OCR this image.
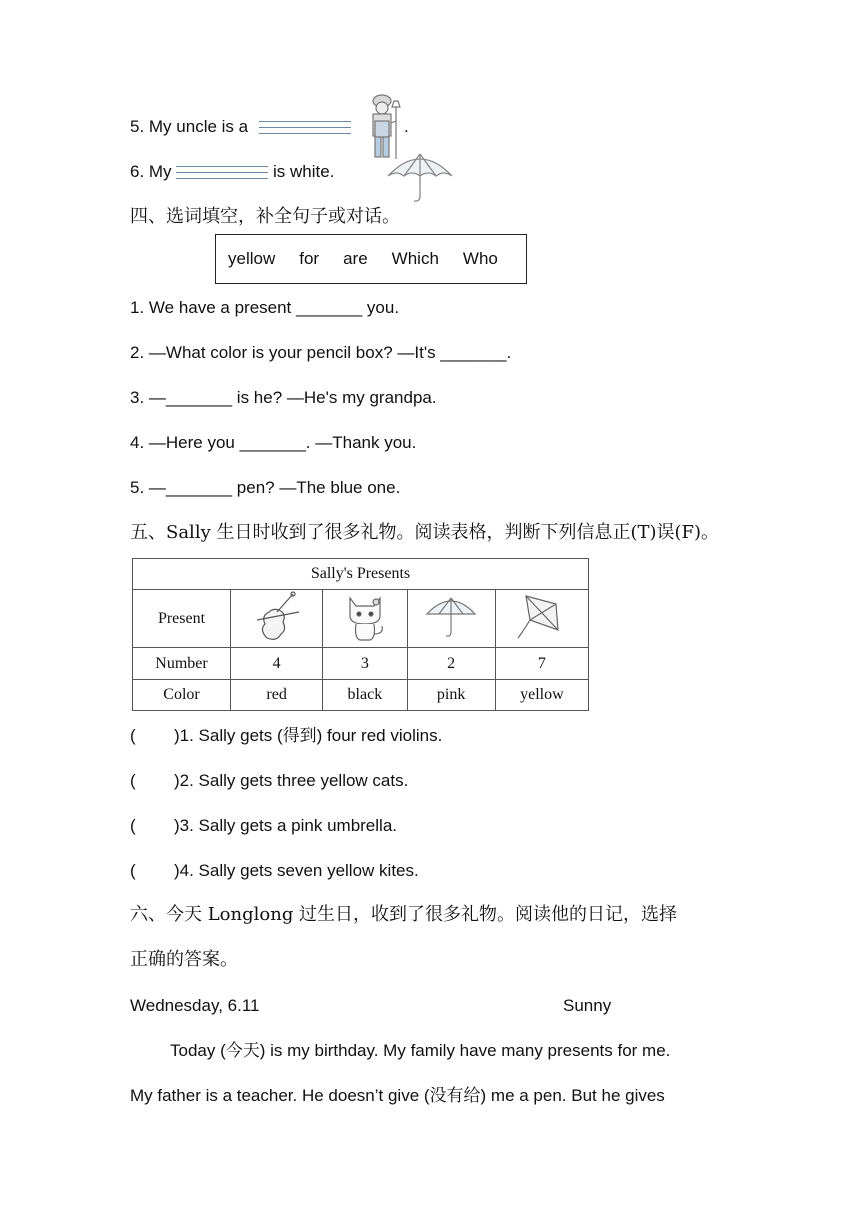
5. My uncle is a	.
6. My	is white.
四、选词填空，补全句子或对话。
yellow for are Which Who
1. We have a present _______ you.
2. —What color is your pencil box? —It's _______.
3. —_______ is he? —He's my grandpa.
4. —Here you _______. —Thank you.
5. —_______ pen? —The blue one.
五、Sally 生日时收到了很多礼物。阅读表格，判断下列信息正(T)误(F)。
Sally's Presents				
Present				
Number	4	3	2	7
Color	red	black	pink	yellow
( )1. Sally gets (得到) four red violins.
( )2. Sally gets three yellow cats.
( )3. Sally gets a pink umbrella.
( )4. Sally gets seven yellow kites.
六、今天 Longlong 过生日，收到了很多礼物。阅读他的日记，选择
正确的答案。
Wednesday, 6.11	Sunny
Today (今天) is my birthday. My family have many presents for me.
My father is a teacher. He doesn’t give (没有给) me a pen. But he gives
